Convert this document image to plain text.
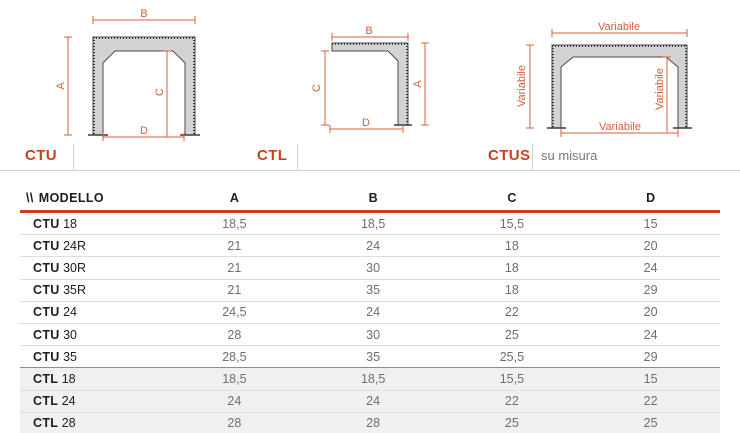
B
A
C
D
B
C
A
D
Variabile
Variabile	Variabile
Variabile
CTU	CTL	CTUS su misura
\\ MODELLO	A	B	C	D
CTU 18	18,5	18,5	15,5	15
CTU 24R	21	24	18	20
CTU 30R	21	30	18	24
CTU 35R	21	35	18	29
CTU 24	24,5	24	22	20
CTU 30	28	30	25	24
CTU 35	28,5	35	25,5	29
CTL 18	18,5	18,5	15,5	15
CTL 24	24	24	22	22
CTL 28	28	28	25	25
